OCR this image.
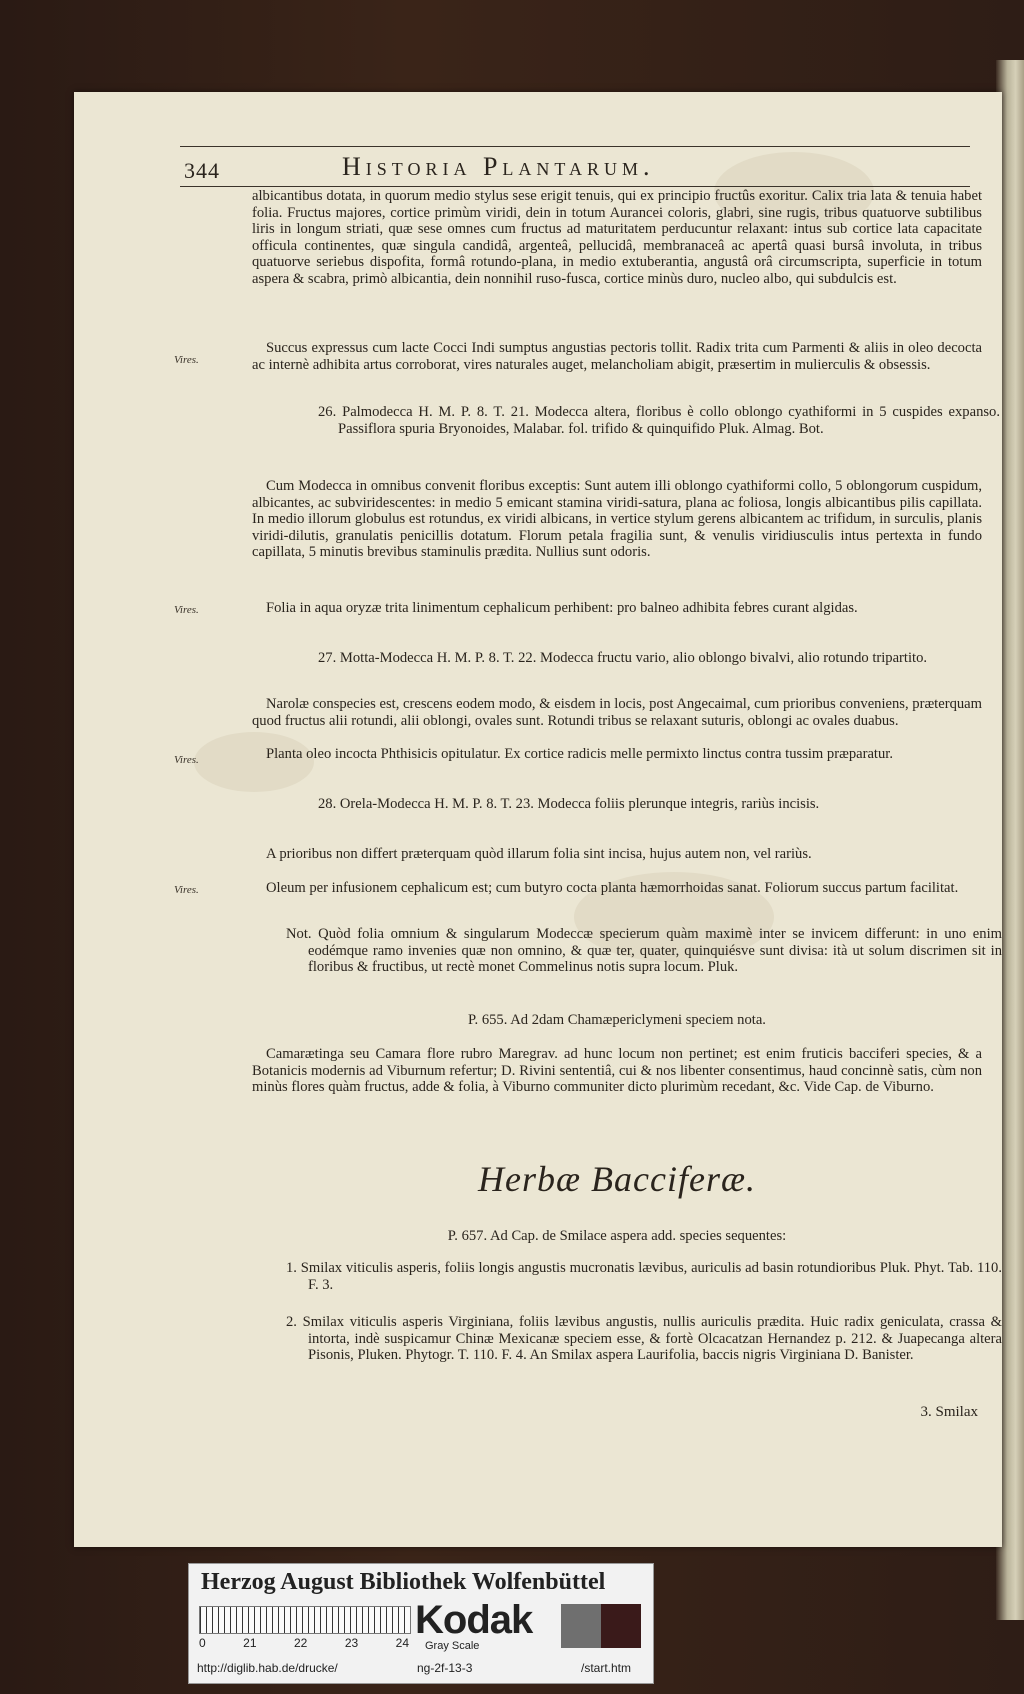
344	Historia Plantarum.
albicantibus dotata, in quorum medio stylus sese erigit tenuis, qui ex principio fructûs exoritur. Calix tria lata & tenuia habet folia. Fructus majores, cortice primùm viridi, dein in totum Aurancei coloris, glabri, sine rugis, tribus quatuorve subtilibus liris in longum striati, quæ sese omnes cum fructus ad maturitatem perducuntur relaxant: intus sub cortice lata capacitate officula continentes, quæ singula candidâ, argenteâ, pellucidâ, membranaceâ ac apertâ quasi bursâ involuta, in tribus quatuorve seriebus dispofita, formâ rotundo-plana, in medio extuberantia, angustâ orâ circumscripta, superficie in totum aspera & scabra, primò albicantia, dein nonnihil ruso-fusca, cortice minùs duro, nucleo albo, qui subdulcis est.
Vires.
Succus expressus cum lacte Cocci Indi sumptus angustias pectoris tollit. Radix trita cum Parmenti & aliis in oleo decocta ac internè adhibita artus corroborat, vires naturales auget, melancholiam abigit, præsertim in mulierculis & obsessis.
26. Palmodecca H. M. P. 8. T. 21. Modecca altera, floribus è collo oblongo cyathiformi in 5 cuspides expanso. Passiflora spuria Bryonoides, Malabar. fol. trifido & quinquifido Pluk. Almag. Bot.
Cum Modecca in omnibus convenit floribus exceptis: Sunt autem illi oblongo cyathiformi collo, 5 oblongorum cuspidum, albicantes, ac subviridescentes: in medio 5 emicant stamina viridi-satura, plana ac foliosa, longis albicantibus pilis capillata. In medio illorum globulus est rotundus, ex viridi albicans, in vertice stylum gerens albicantem ac trifidum, in surculis, planis viridi-dilutis, granulatis penicillis dotatum. Florum petala fragilia sunt, & venulis viridiusculis intus pertexta in fundo capillata, 5 minutis brevibus staminulis prædita. Nullius sunt odoris.
Vires.	Folia in aqua oryzæ trita linimentum cephalicum perhibent: pro balneo adhibita febres curant algidas.
27. Motta-Modecca H. M. P. 8. T. 22. Modecca fructu vario, alio oblongo bivalvi, alio rotundo tripartito.
Narolæ conspecies est, crescens eodem modo, & eisdem in locis, post Angecaimal, cum prioribus conveniens, præterquam quod fructus alii rotundi, alii oblongi, ovales sunt. Rotundi tribus se relaxant suturis, oblongi ac ovales duabus.
Vires.	Planta oleo incocta Phthisicis opitulatur. Ex cortice radicis melle permixto linctus contra tussim præparatur.
28. Orela-Modecca H. M. P. 8. T. 23. Modecca foliis plerunque integris, rariùs incisis.
A prioribus non differt præterquam quòd illarum folia sint incisa, hujus autem non, vel rariùs.
Vires.	Oleum per infusionem cephalicum est; cum butyro cocta planta hæmorrhoidas sanat. Foliorum succus partum facilitat.
Not. Quòd folia omnium & singularum Modeccæ specierum quàm maximè inter se invicem differunt: in uno enim eodémque ramo invenies quæ non omnino, & quæ ter, quater, quinquiésve sunt divisa: ità ut solum discrimen sit in floribus & fructibus, ut rectè monet Commelinus notis supra locum. Pluk.
P. 655. Ad 2dam Chamæpericlymeni speciem nota.
Camarætinga seu Camara flore rubro Maregrav. ad hunc locum non pertinet; est enim fruticis bacciferi species, & a Botanicis modernis ad Viburnum refertur; D. Rivini sententiâ, cui & nos libenter consentimus, haud concinnè satis, cùm non minùs flores quàm fructus, adde & folia, à Viburno communiter dicto plurimùm recedant, &c. Vide Cap. de Viburno.
Herbæ Bacciferæ.
P. 657. Ad Cap. de Smilace aspera add. species sequentes:
1. Smilax viticulis asperis, foliis longis angustis mucronatis lævibus, auriculis ad basin rotundioribus Pluk. Phyt. Tab. 110. F. 3.
2. Smilax viticulis asperis Virginiana, foliis lævibus angustis, nullis auriculis prædita. Huic radix geniculata, crassa & intorta, indè suspicamur Chinæ Mexicanæ speciem esse, & fortè Olcacatzan Hernandez p. 212. & Juapecanga altera Pisonis, Pluken. Phytogr. T. 110. F. 4. An Smilax aspera Laurifolia, baccis nigris Virginiana D. Banister.
3. Smilax
Herzog August Bibliothek Wolfenbüttel
0	21	22	23	24
Kodak
Gray Scale
http://diglib.hab.de/drucke/	ng-2f-13-3	/start.htm
